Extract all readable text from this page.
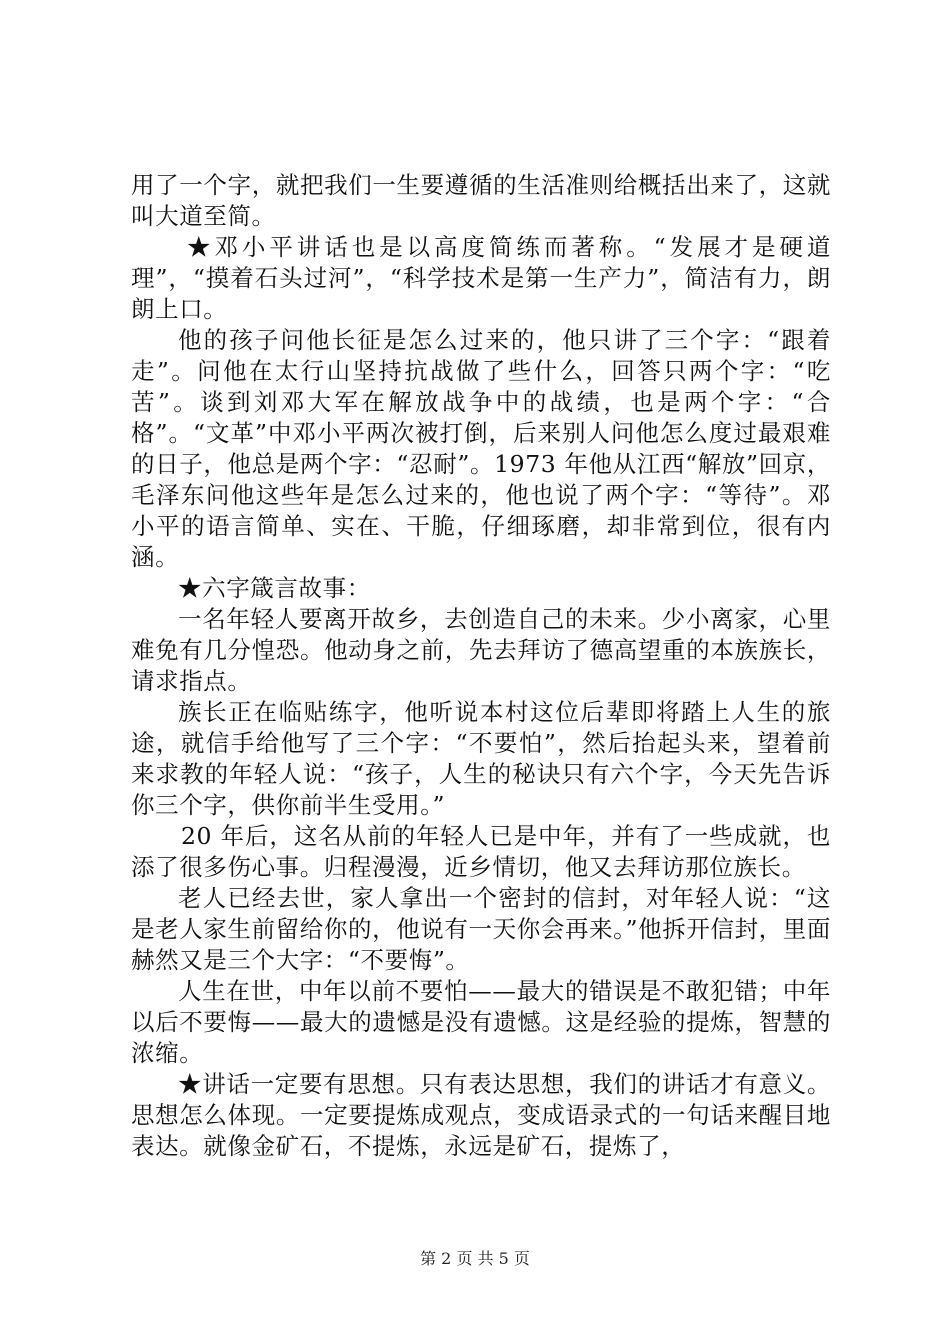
用了一个字，就把我们一生要遵循的生活准则给概括出来了，这就叫大道至简。

★邓小平讲话也是以高度简练而著称。“发展才是硬道理”，“摸着石头过河”，“科学技术是第一生产力”，简洁有力，朗朗上口。

他的孩子问他长征是怎么过来的，他只讲了三个字：“跟着走”。问他在太行山坚持抗战做了些什么，回答只两个字：“吃苦”。谈到刘邓大军在解放战争中的战绩，也是两个字：“合格”。“文革”中邓小平两次被打倒，后来别人问他怎么度过最艰难的日子，他总是两个字：“忍耐”。1973 年他从江西“解放”回京，毛泽东问他这些年是怎么过来的，他也说了两个字：“等待”。邓小平的语言简单、实在、干脆，仔细琢磨，却非常到位，很有内涵。

★六字箴言故事：

一名年轻人要离开故乡，去创造自己的未来。少小离家，心里难免有几分惶恐。他动身之前，先去拜访了德高望重的本族族长，请求指点。

族长正在临贴练字，他听说本村这位后辈即将踏上人生的旅途，就信手给他写了三个字：“不要怕”，然后抬起头来，望着前来求教的年轻人说：“孩子，人生的秘诀只有六个字，今天先告诉你三个字，供你前半生受用。”

20 年后，这名从前的年轻人已是中年，并有了一些成就，也添了很多伤心事。归程漫漫，近乡情切，他又去拜访那位族长。

老人已经去世，家人拿出一个密封的信封，对年轻人说：“这是老人家生前留给你的，他说有一天你会再来。”他拆开信封，里面赫然又是三个大字：“不要悔”。

人生在世，中年以前不要怕——最大的错误是不敢犯错；中年以后不要悔——最大的遗憾是没有遗憾。这是经验的提炼，智慧的浓缩。

★讲话一定要有思想。只有表达思想，我们的讲话才有意义。思想怎么体现。一定要提炼成观点，变成语录式的一句话来醒目地表达。就像金矿石，不提炼，永远是矿石，提炼了，

第 2 页 共 5 页
